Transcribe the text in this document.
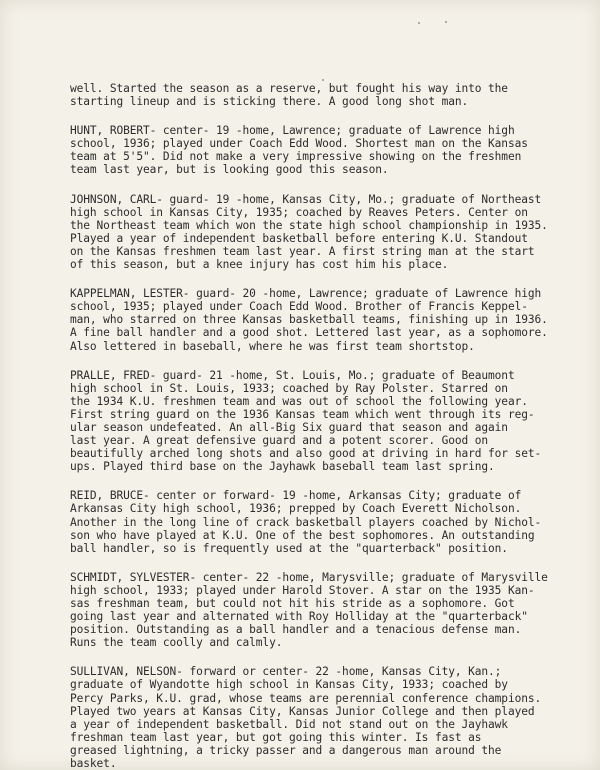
well. Started the season as a reserve, but fought his way into the
starting lineup and is sticking there. A good long shot man.

HUNT, ROBERT- center- 19 -home, Lawrence; graduate of Lawrence high
school, 1936; played under Coach Edd Wood. Shortest man on the Kansas
team at 5'5". Did not make a very impressive showing on the freshmen
team last year, but is looking good this season.

JOHNSON, CARL- guard- 19 -home, Kansas City, Mo.; graduate of Northeast
high school in Kansas City, 1935; coached by Reaves Peters. Center on
the Northeast team which won the state high school championship in 1935.
Played a year of independent basketball before entering K.U. Standout
on the Kansas freshmen team last year. A first string man at the start
of this season, but a knee injury has cost him his place.

KAPPELMAN, LESTER- guard- 20 -home, Lawrence; graduate of Lawrence high
school, 1935; played under Coach Edd Wood. Brother of Francis Keppel-
man, who starred on three Kansas basketball teams, finishing up in 1936.
A fine ball handler and a good shot. Lettered last year, as a sophomore.
Also lettered in baseball, where he was first team shortstop.

PRALLE, FRED- guard- 21 -home, St. Louis, Mo.; graduate of Beaumont
high school in St. Louis, 1933; coached by Ray Polster. Starred on
the 1934 K.U. freshmen team and was out of school the following year.
First string guard on the 1936 Kansas team which went through its reg-
ular season undefeated. An all-Big Six guard that season and again
last year. A great defensive guard and a potent scorer. Good on
beautifully arched long shots and also good at driving in hard for set-
ups. Played third base on the Jayhawk baseball team last spring.

REID, BRUCE- center or forward- 19 -home, Arkansas City; graduate of
Arkansas City high school, 1936; prepped by Coach Everett Nicholson.
Another in the long line of crack basketball players coached by Nichol-
son who have played at K.U. One of the best sophomores. An outstanding
ball handler, so is frequently used at the "quarterback" position.

SCHMIDT, SYLVESTER- center- 22 -home, Marysville; graduate of Marysville
high school, 1933; played under Harold Stover. A star on the 1935 Kan-
sas freshman team, but could not hit his stride as a sophomore. Got
going last year and alternated with Roy Holliday at the "quarterback"
position. Outstanding as a ball handler and a tenacious defense man.
Runs the team coolly and calmly.

SULLIVAN, NELSON- forward or center- 22 -home, Kansas City, Kan.;
graduate of Wyandotte high school in Kansas City, 1933; coached by
Percy Parks, K.U. grad, whose teams are perennial conference champions.
Played two years at Kansas City, Kansas Junior College and then played
a year of independent basketball. Did not stand out on the Jayhawk
freshman team last year, but got going this winter. Is fast as
greased lightning, a tricky passer and a dangerous man around the
basket.
